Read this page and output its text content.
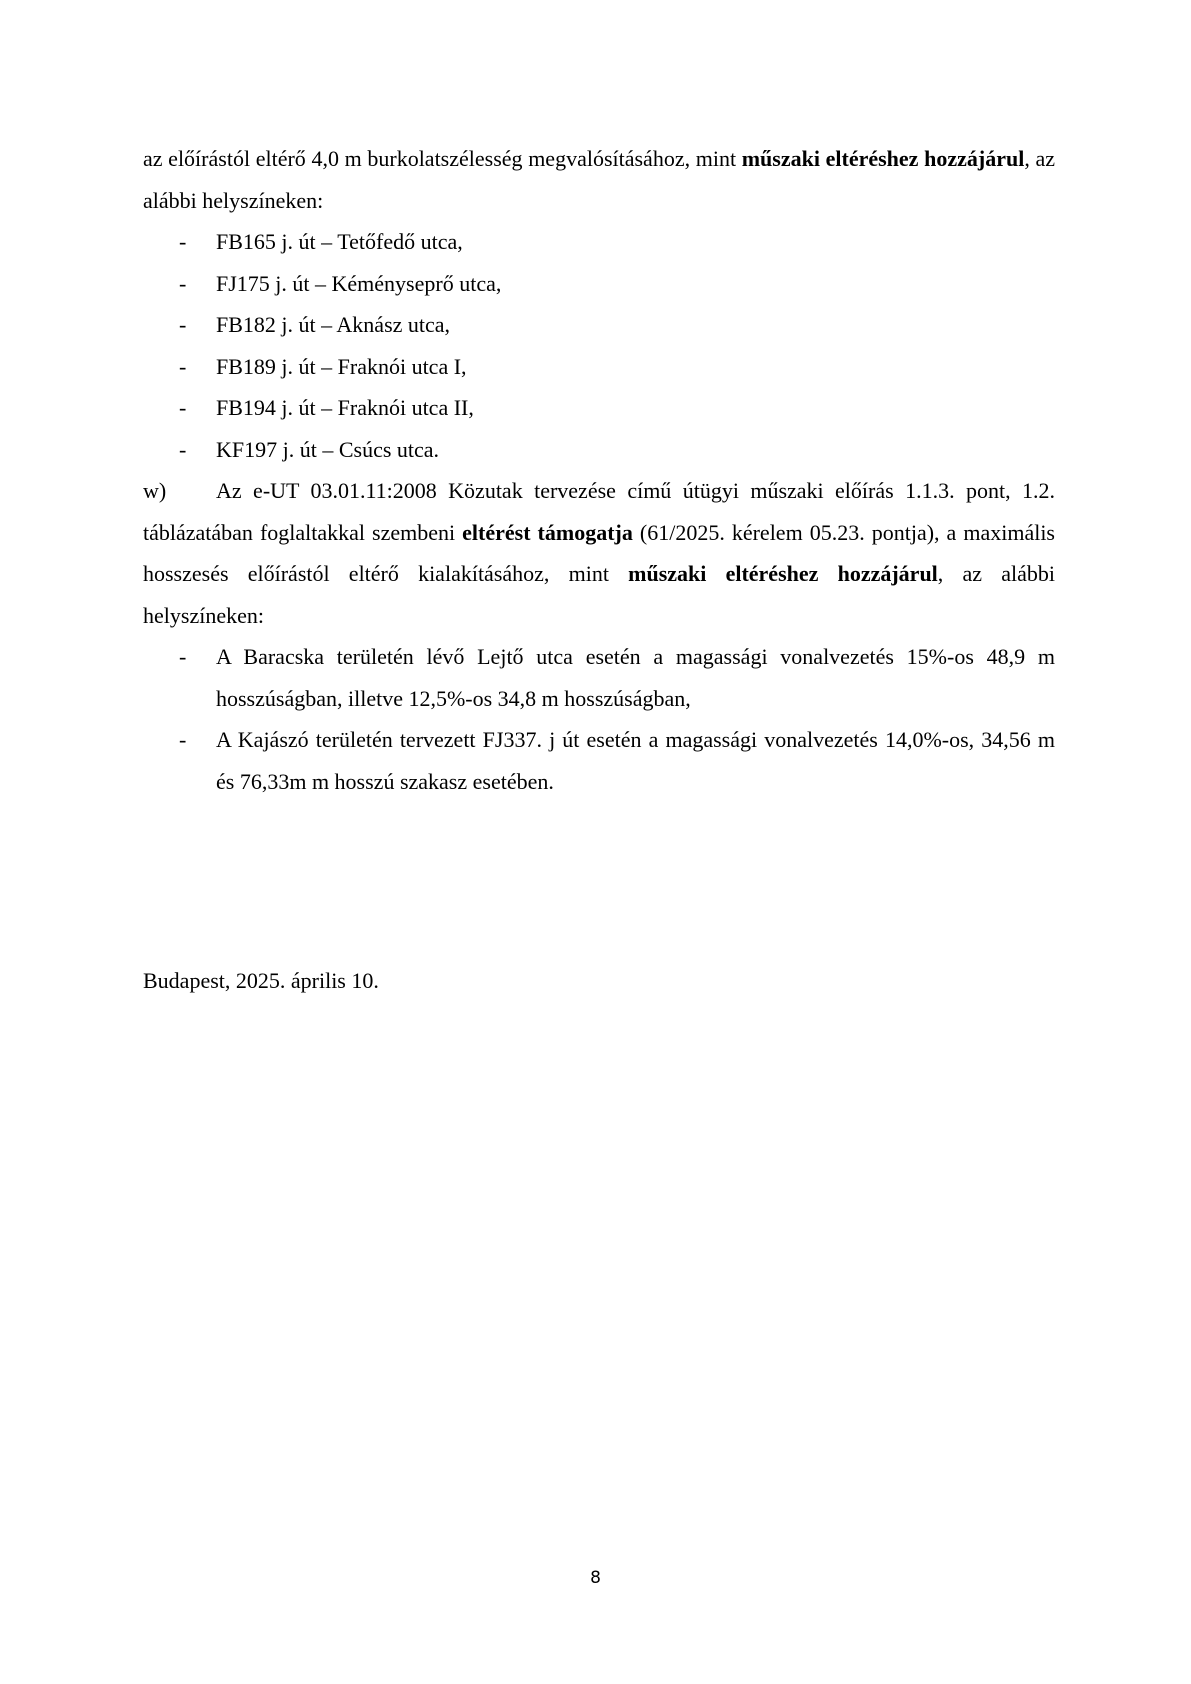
az előírástól eltérő 4,0 m burkolatszélesség megvalósításához, mint műszaki eltéréshez hozzájárul, az alábbi helyszíneken:

- FB165 j. út – Tetőfedő utca,
- FJ175 j. út – Kéményseprő utca,
- FB182 j. út – Aknász utca,
- FB189 j. út – Fraknói utca I,
- FB194 j. út – Fraknói utca II,
- KF197 j. út – Csúcs utca.

w) Az e-UT 03.01.11:2008 Közutak tervezése című útügyi műszaki előírás 1.1.3. pont, 1.2. táblázatában foglaltakkal szembeni eltérést támogatja (61/2025. kérelem 05.23. pontja), a maximális hosszesés előírástól eltérő kialakításához, mint műszaki eltéréshez hozzájárul, az alábbi helyszíneken:

- A Baracska területén lévő Lejtő utca esetén a magassági vonalvezetés 15%-os 48,9 m hosszúságban, illetve 12,5%-os 34,8 m hosszúságban,
- A Kajászó területén tervezett FJ337. j út esetén a magassági vonalvezetés 14,0%-os, 34,56 m és 76,33m m hosszú szakasz esetében.
Budapest, 2025. április 10.
8
